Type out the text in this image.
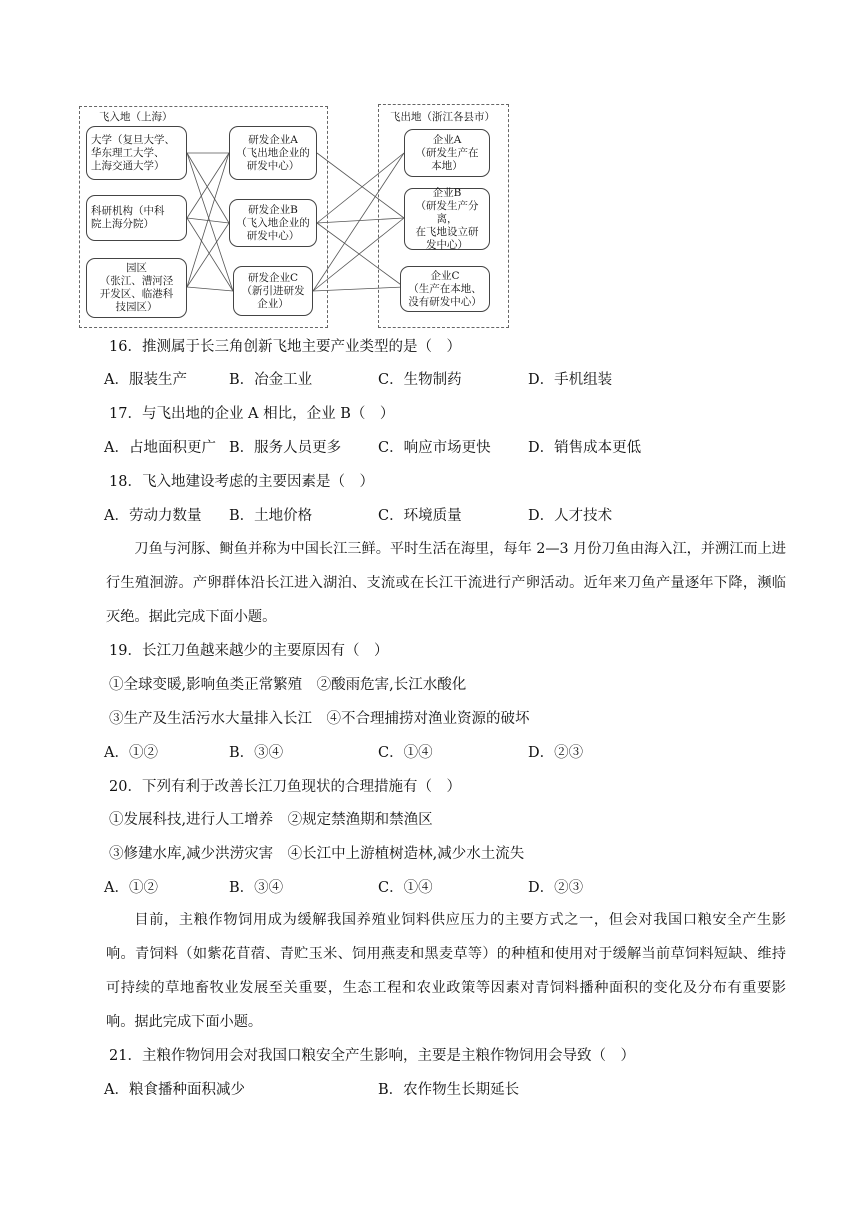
飞入地（上海）	飞出地（浙江各县市）
大学（复旦大学、
华东理工大学、
上海交通大学）
科研机构（中科
院上海分院）
园区
（张江、漕河泾
开发区、临港科
技园区）
研发企业A
（飞出地企业的
研发中心）
研发企业B
（飞入地企业的
研发中心）
研发企业C
（新引进研发
企业）
企业A
（研发生产在
本地）
企业B
（研发生产分离，
在飞地设立研
发中心）
企业C
（生产在本地、
没有研发中心）
16．推测属于长三角创新飞地主要产业类型的是（　）
A．服装生产	B．冶金工业	C．生物制药	D．手机组装
17．与飞出地的企业 A 相比，企业 B（　）
A．占地面积更广 B．服务人员更多	C．响应市场更快	D．销售成本更低
18．飞入地建设考虑的主要因素是（　）
A．劳动力数量 B．土地价格	C．环境质量	D．人才技术
刀鱼与河豚、鲥鱼并称为中国长江三鲜。平时生活在海里，每年 2—3 月份刀鱼由海入江，并溯江而上进行生殖洄游。产卵群体沿长江进入湖泊、支流或在长江干流进行产卵活动。近年来刀鱼产量逐年下降，濒临灭绝。据此完成下面小题。
19．长江刀鱼越来越少的主要原因有（　）
①全球变暖,影响鱼类正常繁殖　②酸雨危害,长江水酸化
③生产及生活污水大量排入长江　④不合理捕捞对渔业资源的破坏
A．①②	B．③④	C．①④	D．②③
20．下列有利于改善长江刀鱼现状的合理措施有（　）
①发展科技,进行人工增养　②规定禁渔期和禁渔区
③修建水库,减少洪涝灾害　④长江中上游植树造林,减少水土流失
A．①②	B．③④	C．①④	D．②③
目前，主粮作物饲用成为缓解我国养殖业饲料供应压力的主要方式之一，但会对我国口粮安全产生影响。青饲料（如紫花苜蓿、青贮玉米、饲用燕麦和黑麦草等）的种植和使用对于缓解当前草饲料短缺、维持可持续的草地畜牧业发展至关重要，生态工程和农业政策等因素对青饲料播种面积的变化及分布有重要影响。据此完成下面小题。
21．主粮作物饲用会对我国口粮安全产生影响，主要是主粮作物饲用会导致（　）
A．粮食播种面积减少	B．农作物生长期延长
